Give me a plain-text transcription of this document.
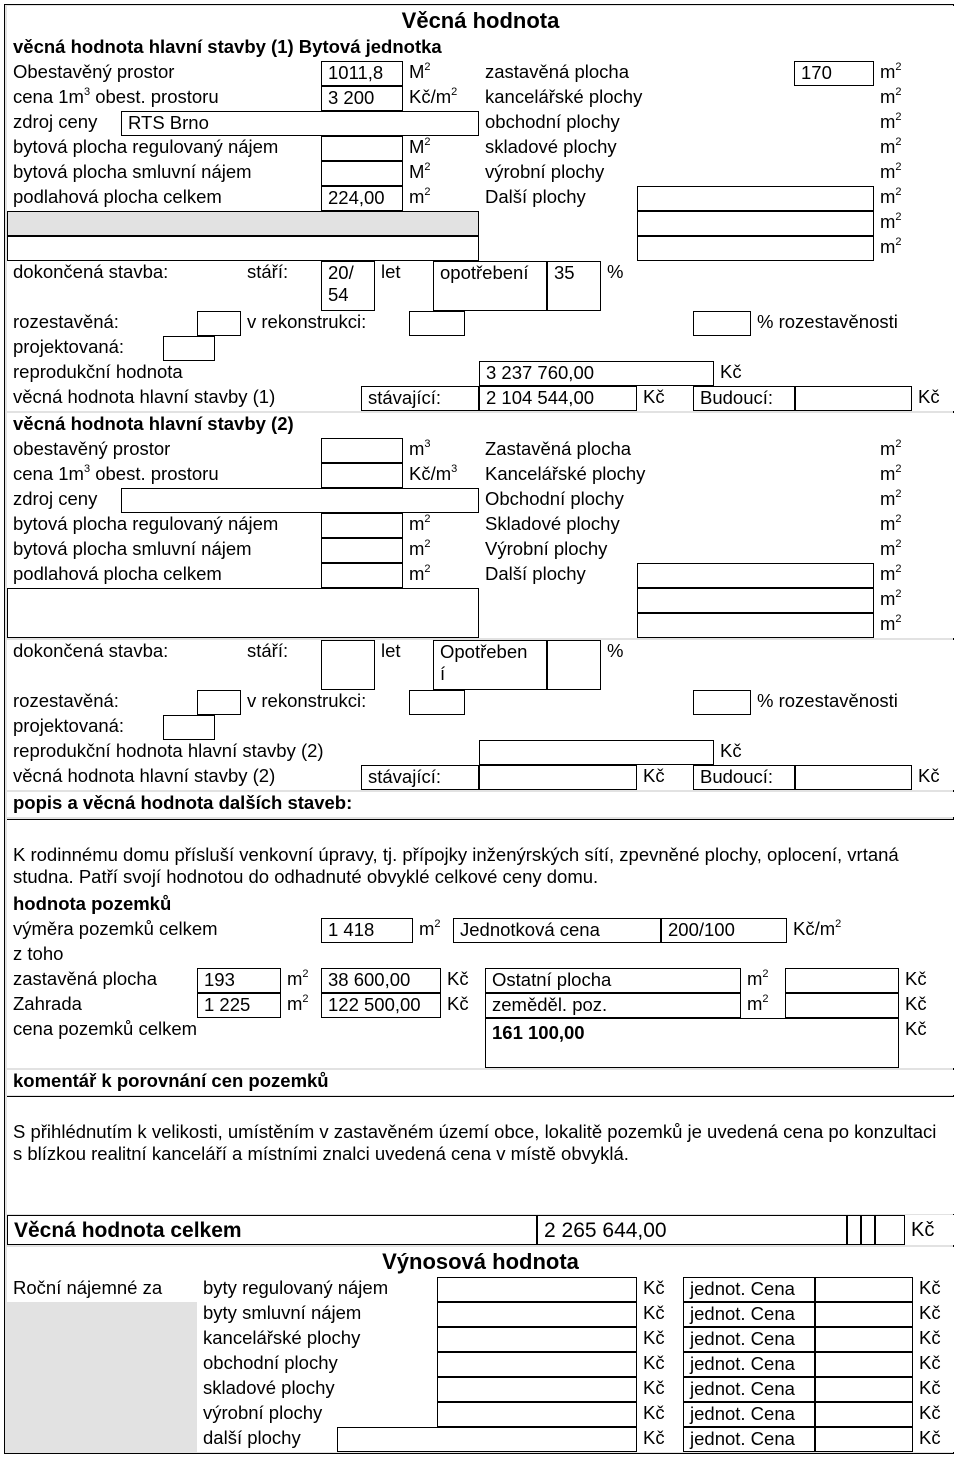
Věcná hodnota
věcná hodnota hlavní stavby (1) Bytová jednotka
Obestavěný prostor	1011,8	$M^2$	zastavěná plocha	170	$m^2$
cena $1m^3$ obest. prostoru	3 200	$Kč/m^2$	kancelářské plochy	$m^2$
zdroj ceny	RTS Brno	obchodní plochy	$m^2$
bytová plocha regulovaný nájem	$M^2$	skladové plochy	$m^2$
bytová plocha smluvní nájem	$M^2$	výrobní plochy	$m^2$
podlahová plocha celkem	224,00	$m^2$	Další plochy	$m^2$
$m^2$
$m^2$
dokončená stavba:	stáří:	20/
54
let	opotřebení	35	%
rozestavěná:	v rekonstrukci:	% rozestavěnosti
projektovaná:
reprodukční hodnota	3 237 760,00	Kč
věcná hodnota hlavní stavby (1)	stávající:	2 104 544,00	Kč	Budoucí:	Kč
věcná hodnota hlavní stavby (2)
obestavěný prostor	$m^3$	Zastavěná plocha	$m^2$
cena $1m^3$ obest. prostoru	$Kč/m^3$	Kancelářské plochy	$m^2$
zdroj ceny	Obchodní plochy	$m^2$
bytová plocha regulovaný nájem	$m^2$	Skladové plochy	$m^2$
bytová plocha smluvní nájem	$m^2$	Výrobní plochy	$m^2$
podlahová plocha celkem	$m^2$	Další plochy	$m^2$
$m^2$
$m^2$
dokončená stavba:	stáří:	let	Opotřeben
í
%
rozestavěná:	v rekonstrukci:	% rozestavěnosti
projektovaná:
reprodukční hodnota hlavní stavby (2)	Kč
věcná hodnota hlavní stavby (2)	stávající:	Kč	Budoucí:	Kč
popis a věcná hodnota dalších staveb:
K rodinnému domu přísluší venkovní úpravy, tj. přípojky inženýrských sítí, zpevněné plochy, oplocení, vrtaná studna. Patří svojí hodnotou do odhadnuté obvyklé celkové ceny domu.
hodnota pozemků
výměra pozemků celkem	1 418	$m^2$	Jednotková cena	200/100	$Kč/m^2$
z toho
zastavěná plocha	193	$m^2$	38 600,00	Kč	Ostatní plocha	$m^2$	Kč
Zahrada	1 225	$m^2$	122 500,00	Kč	zeměděl. poz.	$m^2$	Kč
cena pozemků celkem	161 100,00	Kč
komentář k porovnání cen pozemků
S přihlédnutím k velikosti, umístěním v zastavěném území obce, lokalitě pozemků je uvedená cena po konzultaci s blízkou realitní kanceláří a místními znalci uvedená cena v místě obvyklá.
Věcná hodnota celkem	2 265 644,00	Kč
Výnosová hodnota
Roční nájemné za	byty regulovaný nájem	Kč	jednot. Cena	Kč
byty smluvní nájem	Kč	jednot. Cena	Kč
kancelářské plochy	Kč	jednot. Cena	Kč
obchodní plochy	Kč	jednot. Cena	Kč
skladové plochy	Kč	jednot. Cena	Kč
výrobní plochy	Kč	jednot. Cena	Kč
další plochy	Kč	jednot. Cena	Kč
